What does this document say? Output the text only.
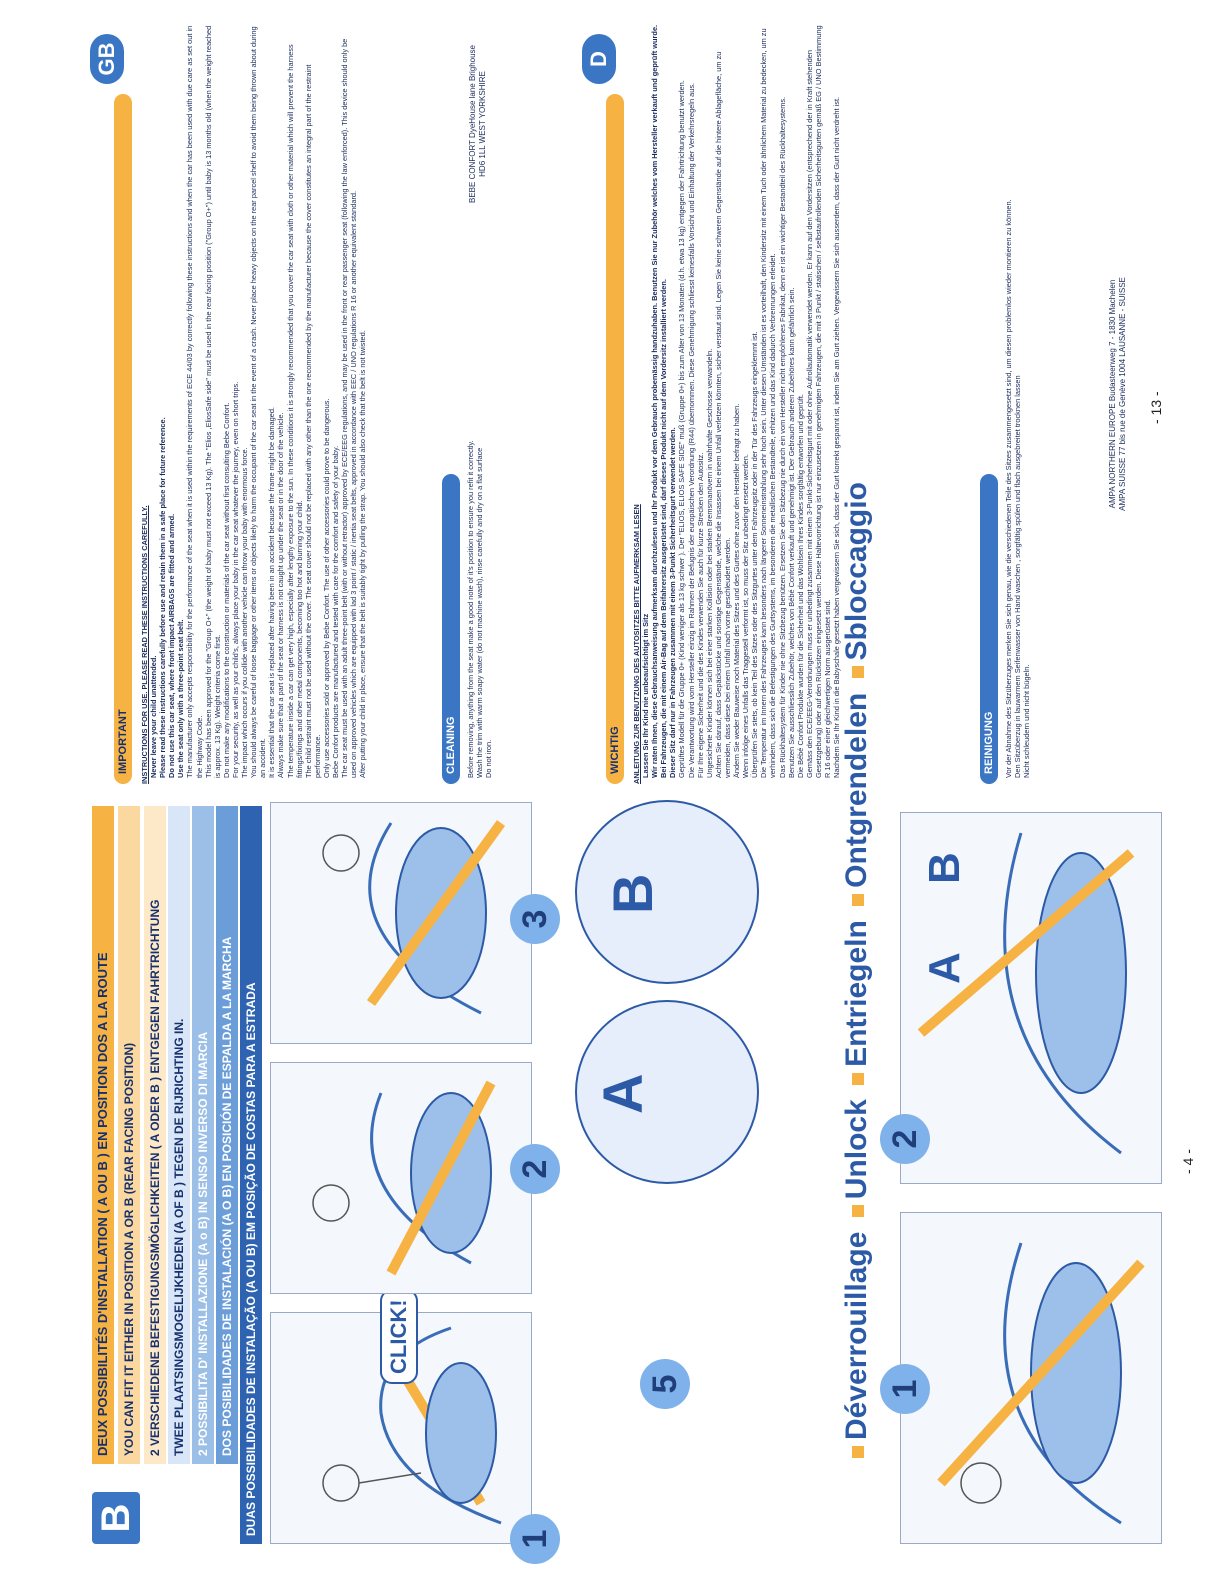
B
DEUX POSSIBILITÉS D'INSTALLATION ( A OU B ) EN POSITION DOS A LA ROUTE	YOU CAN FIT IT EITHER IN POSITION A OR B (REAR FACING POSITION)	2 VERSCHIEDENE BEFESTIGUNGSMÖGLICHKEITEN ( A ODER B ) ENTGEGEN FAHRTRICHTUNG TWEE PLAATSINGSMOGELIJKHEDEN (A OF B ) TEGEN DE RIJRICHTING IN. 2 POSSIBILITA D' INSTALLAZIONE (A o B) IN SENSO INVERSO DI MARCIA DOS POSIBILIDADES DE INSTALACIÓN (A O B) EN POSICIÓN DE ESPALDA A LA MARCHA DUAS POSSIBILIDADES DE INSTALAÇÃO (A OU B) EM POSIÇÃO DE COSTAS PARA A ESTRADA
1
CLICK!
5
2
3
A
B
Déverrouillage Unlock Entriegeln Ontgrendelen Sbloccaggio
1
2
A
B
- 4 -
GB
IMPORTANT	INSTRUCTIONS FOR USE. PLEASE READ THESE INSTRUCTIONS CAREFULLY. Never leave your child unattended. Please read these instructions carefully before use and retain them in a safe place for future reference. Do not use this car seat, where front impact AIRBAGS are fitted and armed. Use the seat only with a three-point seat belt. The manufacturer only accepts responsibility for the performance of the seat when it is used within the requirements of ECE 44/03 by correctly following these instructions and when the car has been used with due care as set out in the Highway Code. This model has been approved for the "Group O+" (the weight of baby must not exceed 13 Kg). The "Elios ,EliosSafe side" must be used in the rear facing position ("Group O+") until baby is 13 months old (when the weight reached is approx. 13 Kg). Weight criteria come first. Do not make any modifications to the construction or materials of the car seat without first consulting Bebe Confort. For your security, as well as your child's, always place your baby in the car seat whatever the journey, even on short trips. The impact which occurs if you collide with another vehicle can throw your baby with enormous force. You should always be careful of loose baggage or other items or objects likely to harm the occupant of the car seat in the event of a crash. Never place heavy objects on the rear parcel shelf to avoid them being thrown about during an accident. It is essential that the car seat is replaced after having been in an accident because the frame might be damaged. Always make sure that a part of the seat or harness is not caught up under the seat or in the door of the vehicle. The temperature inside a car can get very high, especially after lengthy exposure to the sun. In these conditions it is strongly recommended that you cover the car seat with cloth or other material which will prevent the harness fittings/fixings and other metal components, becoming too hot and burning your child. The child restraint must not be used without the cover. The seat cover should not be replaced with any other than the one recommended by the manufacturer because the cover constitutes an integral part of the restraint performance. Only use accessories sold or approved by Bebe Confort. The use of other accessories could prove to be dangerous. Bebe Confort products are manufactured and tested with care for the comfort and safety of your baby. The car seat must be used with an adult three-point belt (with or without retractor) approved by ECE/EEG regulations, and may be used in the front or rear passenger seat (following the law enforced). This device should only be used on approved vehicles which are equipped with lad 3 point / static / inertia seat belts, approved in accordance with EEC / UNO regulations R 16 or another equivalent standard. After putting your child in place, ensure that the belt is suitably tight by pulling the strap. You should also check that the belt is not twisted.	CLEANING	Before removing, anything from the seat make a good note of it's position to ensure you refit it correctly. Wash the trim with warm soapy water (do not machine wash), rinse carefully and dry on a flat surface Do not iron.
BEBE CONFORT DyeHouse lane Brighouse HD6 1LL WEST YORKSHIRE
D
WICHTIG	ANLEITUNG ZUR BENUTZUNG DES AUTOSITZES BITTE AUFMERKSAM LESEN Lassen Sie Ihr Kind nie unbeaufsichtigt im Sitz Wir raten Ihnen, diese Gebrauchsanweisung aufmerksam durchzulesen und Ihr Produkt vor dem Gebrauch probemässig handzuhaben. Benutzen Sie nur Zubehör welches vom Hersteller verkauft und geprüft wurde. Bei Fahrzeugen, die mit einem Air-Bag auf dem Beifahrersitz ausgerüstet sind, darf dieses Produkt nicht auf dem Vordersitz installiert werden. Dieser Sitz darf nur in Fahrzeugen zusammen mit einem 3-Punkt Sicherheitsgurt verwendet werden. Geprüftes Modell für die Gruppe 0+ (Kind weniger als 13 kg schwer ). Der "ELIOS, ELIOS SAFE SIDE" muß (Gruppe 0+) bis zum Alter von 13 Monaten (d.h. etwa 13 kg) entgegen der Fahrtrichtung benutzt werden. Die Verantwortung wird vom Hersteller einzig im Rahmen der Befugnis der europäischen Verordnung (R44) übernommen. Diese Genehmigung schliesst keinesfalls Vorsicht und Einhaltung der Verkehrsregeln aus. Für Ihre eigene Sicherheit und die des Kindes verwenden Sie auch für kurze Strecken den Autositz. Ungesicherte Kinder können sich bei einer starken Kollision oder bei starken Bremsmanövern in wahrhafte Geschosse verwandeln. Achten Sie darauf, dass Gepäckstücke und sonstige Gegenstände, welche die Insassen bei einem Unfall verletzen könnten, sicher verstaut sind. Legen Sie keine schweren Gegenstände auf die hintere Ablagefläche, um zu vermeiden, dass diese bei einem Unfall nach vorne geschleudert werden. Ändern Sie weder Bauweise noch Material des Sitzes und des Gurtes ohne zuvor den Hersteller befragt zu haben. Wenn infolge eines Unfalls das Traggestell verformt ist, so muss der Sitz unbedingt ersetzt werden. Überprüfen Sie stets, ob kein Teil des Sitzes oder des Sitzgurtes unter dem Fahrzeugsitz oder in der Tür des Fahrzeugs eingeklemmt ist. Die Temperatur im Innern des Fahrzeuges kann besonders nach längerer Sonneneinstrahlung sehr hoch sein. Unter diesen Umständen ist es vorteilhaft, den Kindersitz mit einem Tuch oder ähnlichem Material zu bedecken, um zu verhindern, dass sich die Befestigungen des Gurtsystems, im besonderen die metallischen Bestandteile, erhitzen und das Kind dadurch Verbrennungen erleidet. Das Rückhaltesystem für Kinder nie ohne Sitzbezug benützen. Ersetzen Sie den Sitzbezug nie durch ein vom Hersteller nicht empfohlenes Fabrikat, denn er ist ein wichtiger Bestandteil des Rückhaltesystems. Benutzen Sie ausschliesslich Zubehör, welches von Bébé Confort verkauft und genehmigt ist. Der Gebrauch anderen Zubehöres kann gefährlich sein. Die Bébé Confort Produkte wurden für die Sicherheit und das Wohlsein Ihres Kindes sorgfältig entworfen und geprüft. Gemäss den ECE/EEG-Verordnungen muss er unbedingt zusammen mit einem 3-Punkt-Sicherheitsgurt mit oder ohne Aufrollautomatik verwendet werden. Er kann auf den Vordersitzen (entsprechend der in Kraft stehenden Gesetzgebung) oder auf den Rücksitzen eingesetzt werden. Diese Haltevorrichtung ist nur einzusetzen in genehmigten Fahrzeugen, die mit 3 Punkt / statischen / selbstaufrollenden Sicherheitsgurten gemäß EG / UNO Bestimmung R 16 oder einer gleichwertigen Norm ausgerüstet sind. Nachdem Sie Ihr Kind in die Babyschale gesetzt haben vergewissern Sie sich, dass der Gurt korrekt gespannt ist, indem Sie am Gurt ziehen. Vergewissern Sie sich ausserdem, dass der Gurt nicht verdreht ist.	REINIGUNG	Vor der Abnahme des Sitzüberzuges merken Sie sich genau, wie die verschiedenen Teile des Sitzes zusammengesetzt sind, um diesen problemlos wieder montieren zu können. Den Sitzüberzug in lauwarmem Seifenwasser von Hand waschen , sorgfältig spülen und flach ausgebreitet trocknen lassen Nicht schleudern und nicht bügeln.
AMPA NORTHERN EUROPE Budasteenweg 7 - 1830 Machelen AMPA SUISSE 77 bis rue de Genève 1004 LAUSANNE - SUISSE - 13 -
